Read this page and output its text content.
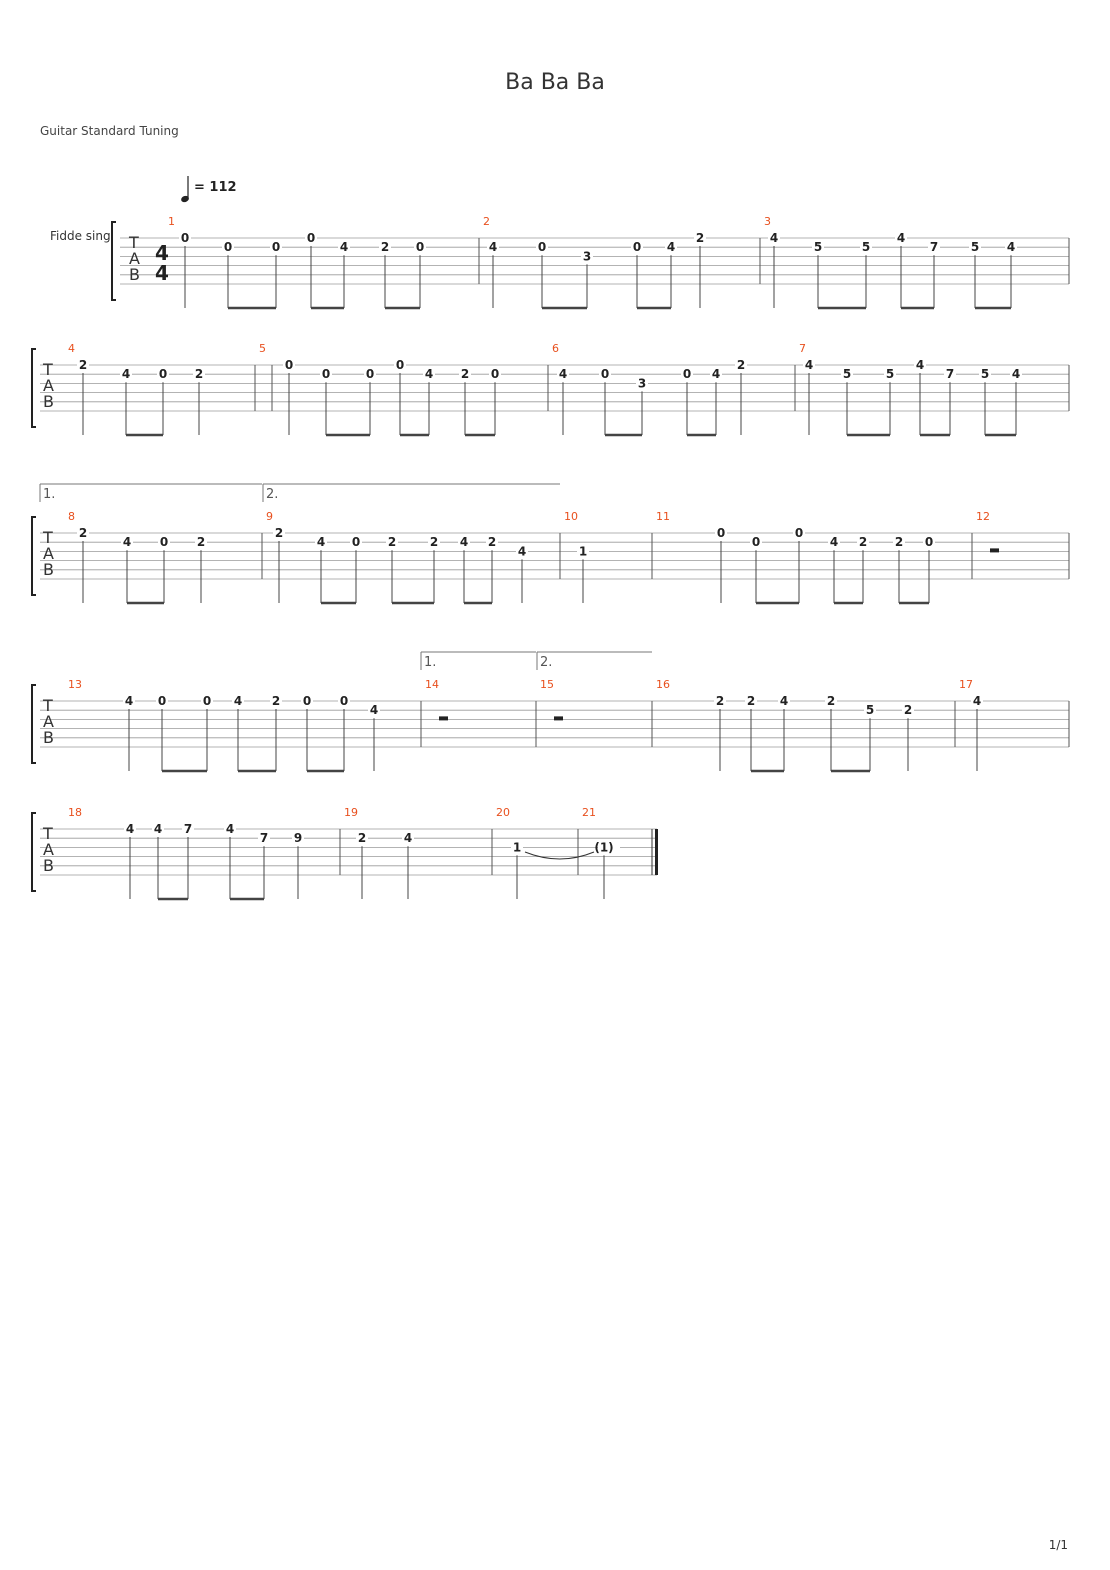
Ba Ba Ba
Guitar Standard Tuning
= 112
Fidde sing
1/1
T
A
B
4
4
1
0
0	0
0
4	2 0
2
4	0
3
0 4
2
3
4
5	5
4
7	5 4
T
A
B
4
2
4 0 2
5
0
0	0
0
4 2 0
6
4	0
3
0 4
2
7
4
5	5
4
7 5 4
T
A
B
1.	2.
8
2
4 0 2
9
2
4 0 2	2 4 2
4
10
1
11
0
0
0
4 2 2 0
12
T
A
B
1.	2.
13
4 0	0 4 2 0 0
4
14	15	16
2 2 4	2
5 2
17
4
T
A
B
18
4 4 7	4
7 9
19
2	4
20
1
21
(1)
